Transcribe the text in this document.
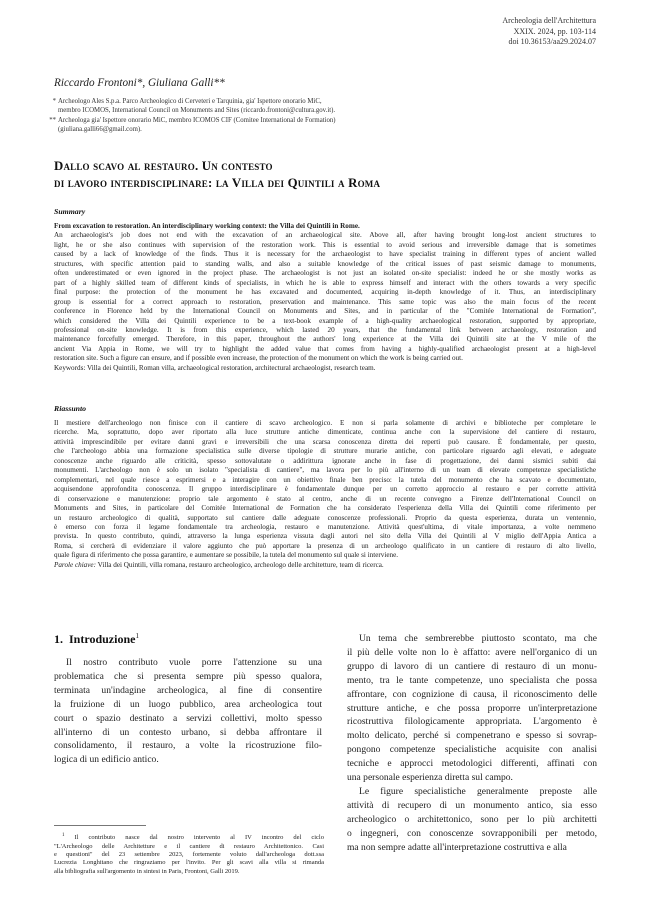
Archeologia dell'Architettura
XXIX. 2024, pp. 103-114
doi 10.36153/aa29.2024.07
Riccardo Frontoni*, Giuliana Galli**
* Archeologo Ales S.p.a. Parco Archeologico di Cerveteri e Tarquinia, gia' Ispettore onorario MiC,
membro ICOMOS, International Council on Monuments and Sites (riccardo.frontoni@cultura.gov.it).
** Archeologa gia' Ispettore onorario MiC, membro ICOMOS CIF (Comitee International de Formation)
(giuliana.galli66@gmail.com).
Dallo scavo al restauro. Un contesto
di lavoro interdisciplinare: la Villa dei Quintili a Roma
Summary
From excavation to restoration. An interdisciplinary working context: the Villa dei Quintili in Rome.
An archaeologist's job does not end with the excavation of an archaeological site. Above all, after having brought long-lost ancient structures to
light, he or she also continues with supervision of the restoration work. This is essential to avoid serious and irreversible damage that is sometimes
caused by a lack of knowledge of the finds. Thus it is necessary for the archaeologist to have specialist training in different types of ancient walled
structures, with specific attention paid to standing walls, and also a suitable knowledge of the critical issues of past seismic damage to monuments,
often underestimated or even ignored in the project phase. The archaeologist is not just an isolated on-site specialist: indeed he or she mostly works as
part of a highly skilled team of different kinds of specialists, in which he is able to express himself and interact with the others towards a very specific
final purpose: the protection of the monument he has excavated and documented, acquiring in-depth knowledge of it. Thus, an interdisciplinary
group is essential for a correct approach to restoration, preservation and maintenance. This same topic was also the main focus of the recent
conference in Florence held by the International Council on Monuments and Sites, and in particular of the "Comitée International de Formation",
which considered the Villa dei Quintili experience to be a text-book example of a high-quality archaeological restoration, supported by appropriate,
professional on-site knowledge. It is from this experience, which lasted 20 years, that the fundamental link between archaeology, restoration and
maintenance forcefully emerged. Therefore, in this paper, throughout the authors' long experience at the Villa dei Quintili site at the V mile of the
ancient Via Appia in Rome, we will try to highlight the added value that comes from having a highly-qualified archaeologist present at a high-level
restoration site. Such a figure can ensure, and if possible even increase, the protection of the monument on which the work is being carried out.
Keywords: Villa dei Quintili, Roman villa, archaeological restoration, architectural archaeologist, research team.
Riassunto
Il mestiere dell'archeologo non finisce con il cantiere di scavo archeologico. E non si parla solamente di archivi e biblioteche per completare le
ricerche. Ma, soprattutto, dopo aver riportato alla luce strutture antiche dimenticate, continua anche con la supervisione del cantiere di restauro,
attività imprescindibile per evitare danni gravi e irreversibili che una scarsa conoscenza diretta dei reperti può causare. È fondamentale, per questo,
che l'archeologo abbia una formazione specialistica sulle diverse tipologie di strutture murarie antiche, con particolare riguardo agli elevati, e adeguate
conoscenze anche riguardo alle criticità, spesso sottovalutate o addirittura ignorate anche in fase di progettazione, dei danni sismici subiti dai
monumenti. L'archeologo non è solo un isolato "specialista di cantiere", ma lavora per lo più all'interno di un team di elevate competenze specialistiche
complementari, nel quale riesce a esprimersi e a interagire con un obiettivo finale ben preciso: la tutela del monumento che ha scavato e documentato,
acquisendone approfondita conoscenza. Il gruppo interdisciplinare è fondamentale dunque per un corretto approccio al restauro e per corrette attività
di conservazione e manutenzione: proprio tale argomento è stato al centro, anche di un recente convegno a Firenze dell'International Council on
Monuments and Sites, in particolare del Comitée International de Formation che ha considerato l'esperienza della Villa dei Quintili come riferimento per
un restauro archeologico di qualità, supportato sul cantiere dalle adeguate conoscenze professionali. Proprio da questa esperienza, durata un ventennio,
è emerso con forza il legame fondamentale tra archeologia, restauro e manutenzione. Attività quest'ultima, di vitale importanza, a volte nemmeno
prevista. In questo contributo, quindi, attraverso la lunga esperienza vissuta dagli autori nel sito della Villa dei Quintili al V miglio dell'Appia Antica a
Roma, si cercherà di evidenziare il valore aggiunto che può apportare la presenza di un archeologo qualificato in un cantiere di restauro di alto livello,
quale figura di riferimento che possa garantire, e aumentare se possibile, la tutela del monumento sul quale si interviene.
Parole chiave: Villa dei Quintili, villa romana, restauro archeologico, archeologo delle architetture, team di ricerca.
1. Introduzione$^1$
Il nostro contributo vuole porre l'attenzione su una
problematica che si presenta sempre più spesso qualora,
terminata un'indagine archeologica, al fine di consentire
la fruizione di un luogo pubblico, area archeologica tout
court o spazio destinato a servizi collettivi, molto spesso
all'interno di un contesto urbano, si debba affrontare il
consolidamento, il restauro, a volte la ricostruzione filo-
logica di un edificio antico.
Un tema che sembrerebbe piuttosto scontato, ma che
il più delle volte non lo è affatto: avere nell'organico di un
gruppo di lavoro di un cantiere di restauro di un monu-
mento, tra le tante competenze, uno specialista che possa
affrontare, con cognizione di causa, il riconoscimento delle
strutture antiche, e che possa proporre un'interpretazione
ricostruttiva filologicamente appropriata. L'argomento è
molto delicato, perché si compenetrano e spesso si sovrap-
pongono competenze specialistiche acquisite con analisi
tecniche e approcci metodologici differenti, affinati con
una personale esperienza diretta sul campo.
Le figure specialistiche generalmente preposte alle
attività di recupero di un monumento antico, sia esso
archeologico o architettonico, sono per lo più architetti
o ingegneri, con conoscenze sovrapponibili per metodo,
ma non sempre adatte all'interpretazione costruttiva e alla
$^1$ Il contributo nasce dal nostro intervento al IV incontro del ciclo
"L'Archeologo delle Architetture e il cantiere di restauro Architettonico. Casi
e questioni" del 23 settembre 2023, fortemente voluto dall'archeologa dott.ssa
Lucrezia Longhitano che ringraziamo per l'invito. Per gli scavi alla villa si rimanda
alla bibliografia sull'argomento in sintesi in Paris, Frontoni, Galli 2019.
